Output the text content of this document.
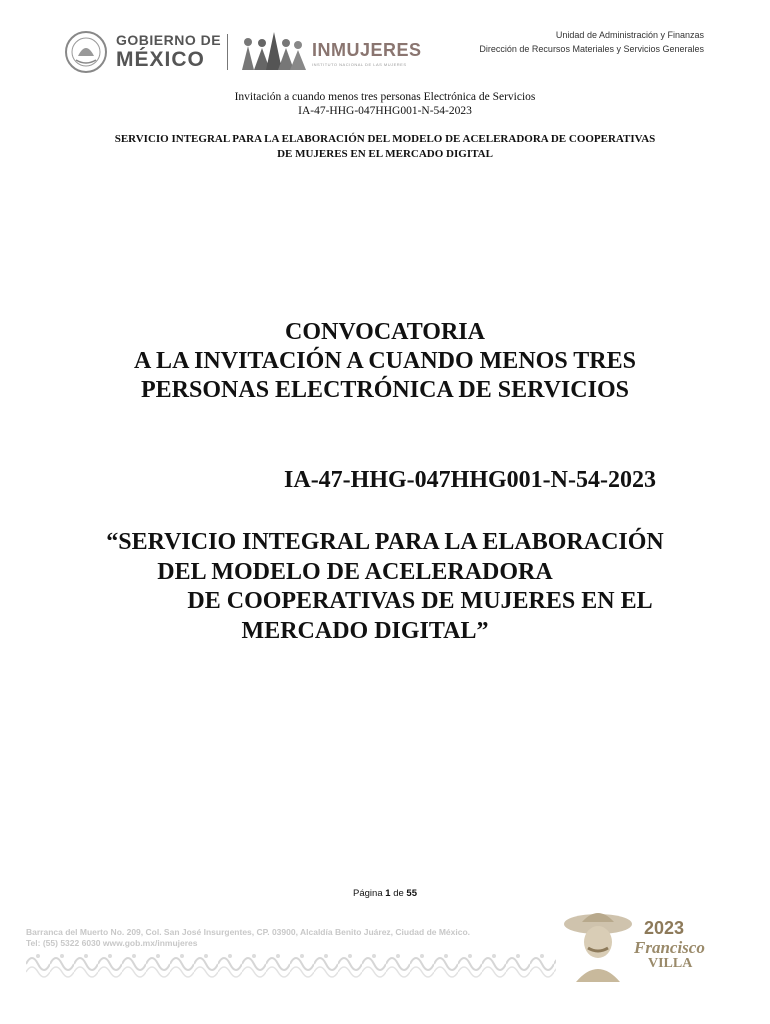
GOBIERNO DE
MÉXICO	INMUJERES
INSTITUTO NACIONAL DE LAS MUJERES
Unidad de Administración y Finanzas
Dirección de Recursos Materiales y Servicios Generales
Invitación a cuando menos tres personas Electrónica de Servicios
IA-47-HHG-047HHG001-N-54-2023
SERVICIO INTEGRAL PARA LA ELABORACIÓN DEL MODELO DE ACELERADORA DE COOPERATIVAS
DE MUJERES EN EL MERCADO DIGITAL
CONVOCATORIA
A LA INVITACIÓN A CUANDO MENOS TRES
PERSONAS ELECTRÓNICA DE SERVICIOS
IA-47-HHG-047HHG001-N-54-2023
“SERVICIO INTEGRAL PARA LA ELABORACIÓN
DEL MODELO DE ACELERADORA
DE COOPERATIVAS DE MUJERES EN EL
MERCADO DIGITAL”
Página 1 de 55
Barranca del Muerto No. 209, Col. San José Insurgentes, CP. 03900, Alcaldía Benito Juárez, Ciudad de México.
Tel: (55) 5322 6030 www.gob.mx/inmujeres
2023
Francisco
VILLA
